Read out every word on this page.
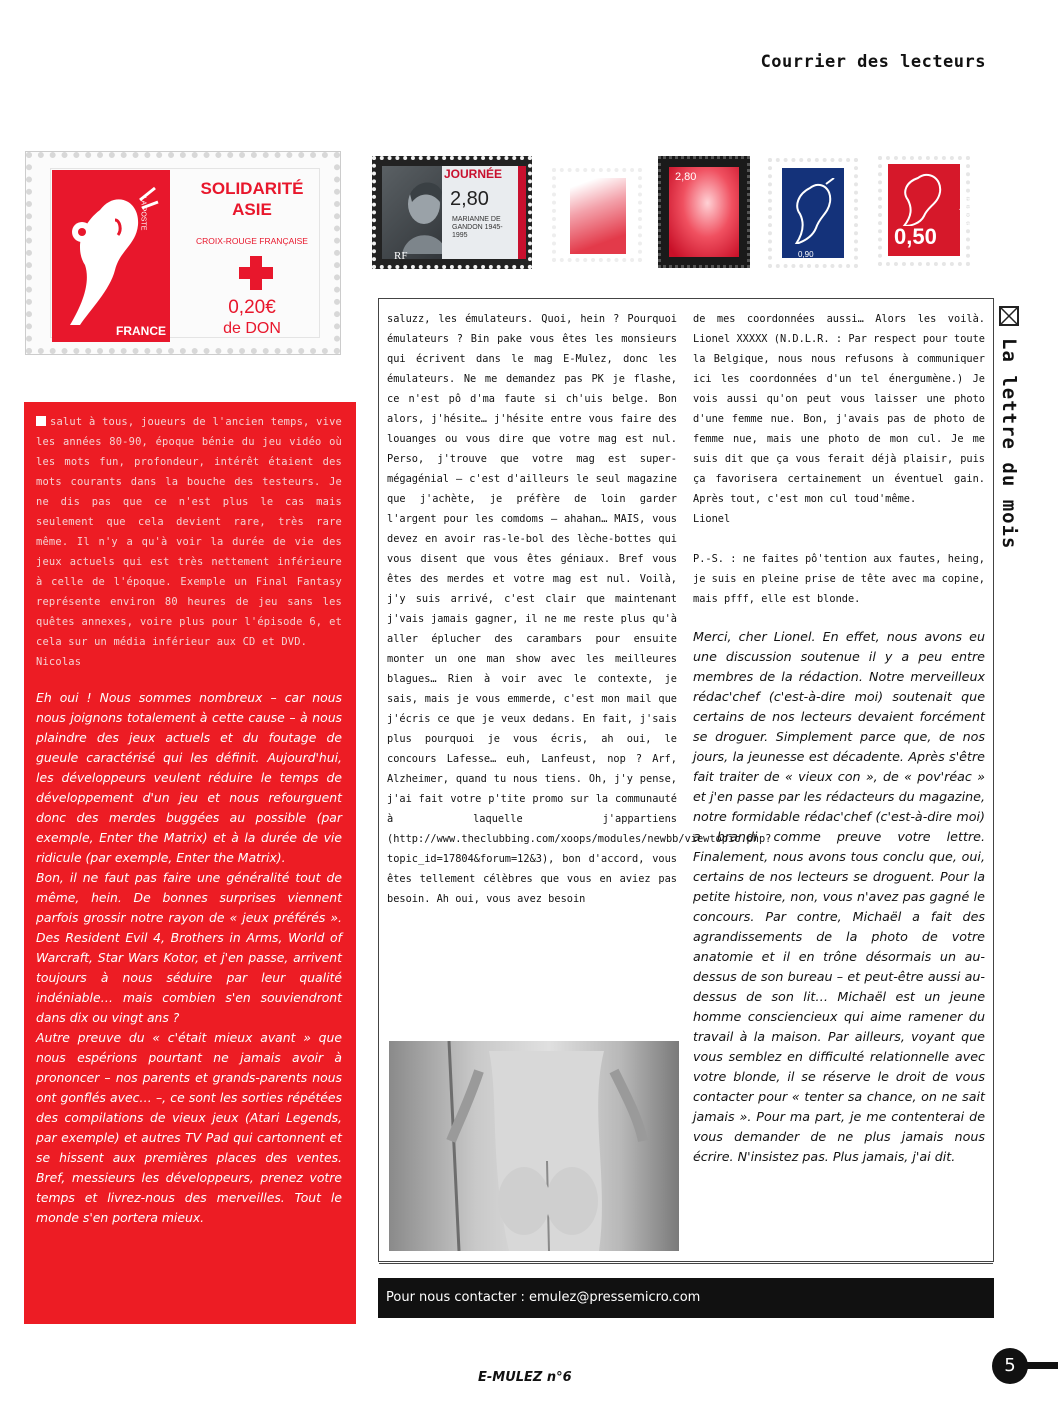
Courrier des lecteurs
LA POSTE
FRANCE
SOLIDARITÉ
ASIE
CROIX-ROUGE FRANÇAISE
0,20€
de DON
RF
JOURNÉE
2,80
MARIANNE DE GANDON 1945-1995
2,80
0,90
RÉPUBLIQUE FRANÇAISE
0,50
salut à tous, joueurs de l'ancien temps, vive les années 80-90, époque bénie du jeu vidéo où les mots fun, profondeur, intérêt étaient des mots courants dans la bouche des testeurs. Je ne dis pas que ce n'est plus le cas mais seulement que cela devient rare, très rare même. Il n'y a qu'à voir la durée de vie des jeux actuels qui est très nettement inférieure à celle de l'époque. Exemple un Final Fantasy représente environ 80 heures de jeu sans les quêtes annexes, voire plus pour l'épisode 6, et cela sur un média inférieur aux CD et DVD.
Nicolas

Eh oui ! Nous sommes nombreux – car nous nous joignons totalement à cette cause – à nous plaindre des jeux actuels et du foutage de gueule caractérisé qui les définit. Aujourd'hui, les développeurs veulent réduire le temps de développement d'un jeu et nous refourguent donc des merdes buggées au possible (par exemple, Enter the Matrix) et à la durée de vie ridicule (par exemple, Enter the Matrix).

Bon, il ne faut pas faire une généralité tout de même, hein. De bonnes surprises viennent parfois grossir notre rayon de « jeux préférés ». Des Resident Evil 4, Brothers in Arms, World of Warcraft, Star Wars Kotor, et j'en passe, arrivent toujours à nous séduire par leur qualité indéniable… mais combien s'en souviendront dans dix ou vingt ans ?

Autre preuve du « c'était mieux avant » que nous espérions pourtant ne jamais avoir à prononcer – nos parents et grands-parents nous ont gonflés avec… –, ce sont les sorties répétées des compilations de vieux jeux (Atari Legends, par exemple) et autres TV Pad qui cartonnent et se hissent aux premières places des ventes. Bref, messieurs les développeurs, prenez votre temps et livrez-nous des merveilles. Tout le monde s'en portera mieux.

saluzz, les émulateurs. Quoi, hein ? Pourquoi émulateurs ? Bin pake vous êtes les monsieurs qui écrivent dans le mag E-Mulez, donc les émulateurs. Ne me demandez pas PK je flashe, ce n'est pô d'ma faute si ch'uis belge. Bon alors, j'hésite… j'hésite entre vous faire des louanges ou vous dire que votre mag est nul. Perso, j'trouve que votre mag est super-mégagénial – c'est d'ailleurs le seul magazine que j'achète, je préfère de loin garder l'argent pour les comdoms – ahahan… MAIS, vous devez en avoir ras-le-bol des lèche-bottes qui vous disent que vous êtes géniaux. Bref vous êtes des merdes et votre mag est nul. Voilà, j'y suis arrivé, c'est clair que maintenant j'vais jamais gagner, il ne me reste plus qu'à aller éplucher des carambars pour ensuite monter un one man show avec les meilleures blagues… Rien à voir avec le contexte, je sais, mais je vous emmerde, c'est mon mail que j'écris ce que je veux dedans. En fait, j'sais plus pourquoi je vous écris, ah oui, le concours Lafesse… euh, Lanfeust, nop ? Arf, Alzheimer, quand tu nous tiens. Oh, j'y pense, j'ai fait votre p'tite promo sur la communauté à laquelle j'appartiens (http://www.theclubbing.com/xoops/modules/newbb/viewtopic.php?topic_id=17804&forum=12&3), bon d'accord, vous êtes tellement célèbres que vous en aviez pas besoin. Ah oui, vous avez besoin
de mes coordonnées aussi… Alors les voilà. Lionel XXXXX (N.D.L.R. : Par respect pour toute la Belgique, nous nous refusons à communiquer ici les coordonnées d'un tel énergumène.) Je vois aussi qu'on peut vous laisser une photo d'une femme nue. Bon, j'avais pas de photo de femme nue, mais une photo de mon cul. Je me suis dit que ça vous ferait déjà plaisir, puis ça favorisera certainement un éventuel gain. Après tout, c'est mon cul toud'même.
Lionel
P.-S. : ne faites pô'tention aux fautes, heing, je suis en pleine prise de tête avec ma copine, mais pfff, elle est blonde.
Merci, cher Lionel. En effet, nous avons eu une discussion soutenue il y a peu entre membres de la rédaction. Notre merveilleux rédac'chef (c'est-à-dire moi) soutenait que certains de nos lecteurs devaient forcément se droguer. Simplement parce que, de nos jours, la jeunesse est décadente. Après s'être fait traiter de « vieux con », de « pov'réac » et j'en passe par les rédacteurs du magazine, notre formidable rédac'chef (c'est-à-dire moi) a brandi comme preuve votre lettre. Finalement, nous avons tous conclu que, oui, certains de nos lecteurs se droguent. Pour la petite histoire, non, vous n'avez pas gagné le concours. Par contre, Michaël a fait des agrandissements de la photo de votre anatomie et il en trône désormais un au-dessus de son bureau – et peut-être aussi au-dessus de son lit… Michaël est un jeune homme consciencieux qui aime ramener du travail à la maison. Par ailleurs, voyant que vous semblez en difficulté relationnelle avec votre blonde, il se réserve le droit de vous contacter pour « tenter sa chance, on ne sait jamais ». Pour ma part, je me contenterai de vous demander de ne plus jamais nous écrire. N'insistez pas. Plus jamais, j'ai dit.
La lettre du mois
Pour nous contacter : emulez@pressemicro.com
E-MULEZ n°6
5
